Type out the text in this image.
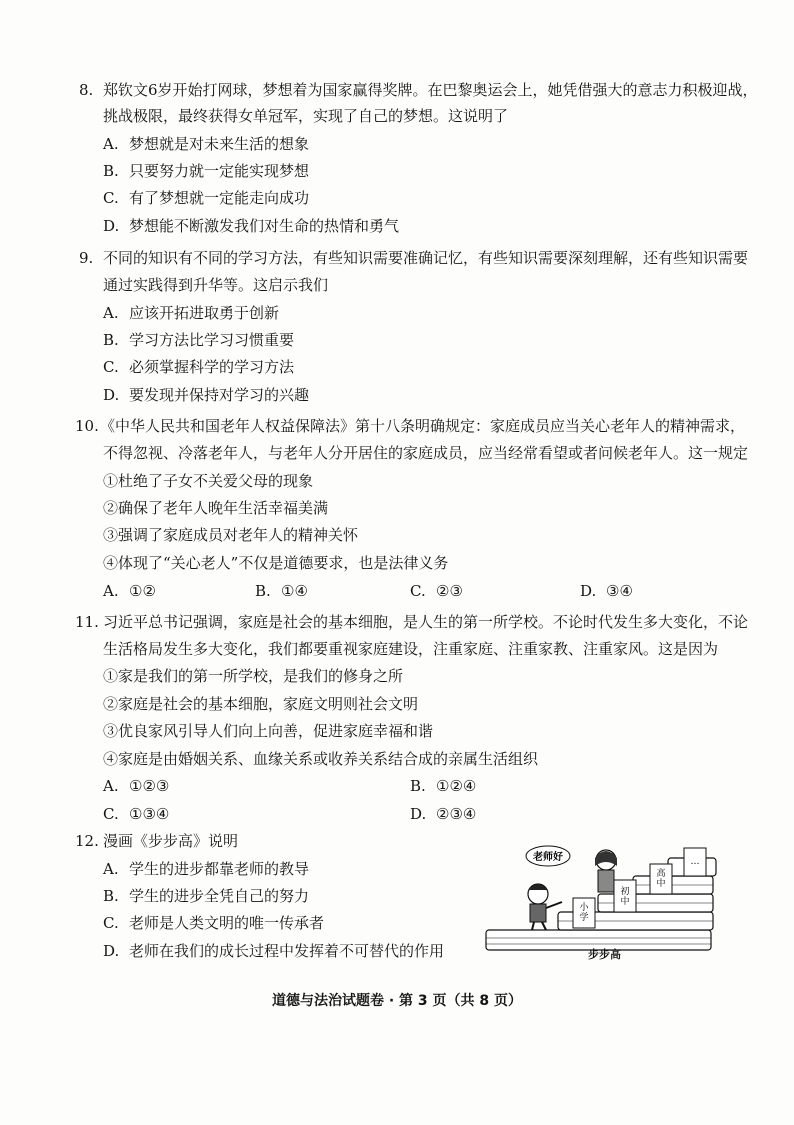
8. 郑钦文6岁开始打网球，梦想着为国家赢得奖牌。在巴黎奥运会上，她凭借强大的意志力积极迎战，
挑战极限，最终获得女单冠军，实现了自己的梦想。这说明了
A. 梦想就是对未来生活的想象
B. 只要努力就一定能实现梦想
C. 有了梦想就一定能走向成功
D. 梦想能不断激发我们对生命的热情和勇气
9. 不同的知识有不同的学习方法，有些知识需要准确记忆，有些知识需要深刻理解，还有些知识需要
通过实践得到升华等。这启示我们
A. 应该开拓进取勇于创新
B. 学习方法比学习习惯重要
C. 必须掌握科学的学习方法
D. 要发现并保持对学习的兴趣
10. 《中华人民共和国老年人权益保障法》第十八条明确规定：家庭成员应当关心老年人的精神需求，
不得忽视、冷落老年人，与老年人分开居住的家庭成员，应当经常看望或者问候老年人。这一规定
①杜绝了子女不关爱父母的现象
②确保了老年人晚年生活幸福美满
③强调了家庭成员对老年人的精神关怀
④体现了“关心老人”不仅是道德要求，也是法律义务
A. ①②	B. ①④	C. ②③	D. ③④
11. 习近平总书记强调，家庭是社会的基本细胞，是人生的第一所学校。不论时代发生多大变化，不论
生活格局发生多大变化，我们都要重视家庭建设，注重家庭、注重家教、注重家风。这是因为
①家是我们的第一所学校，是我们的修身之所
②家庭是社会的基本细胞，家庭文明则社会文明
③优良家风引导人们向上向善，促进家庭幸福和谐
④家庭是由婚姻关系、血缘关系或收养关系结合成的亲属生活组织
A. ①②③	B. ①②④
C. ①③④	D. ②③④
12. 漫画《步步高》说明
A. 学生的进步都靠老师的教导
B. 学生的进步全凭自己的努力
C. 老师是人类文明的唯一传承者
D. 老师在我们的成长过程中发挥着不可替代的作用
小学
初中
高中
…
老师好
步步高
道德与法治试题卷 · 第 3 页（共 8 页）
